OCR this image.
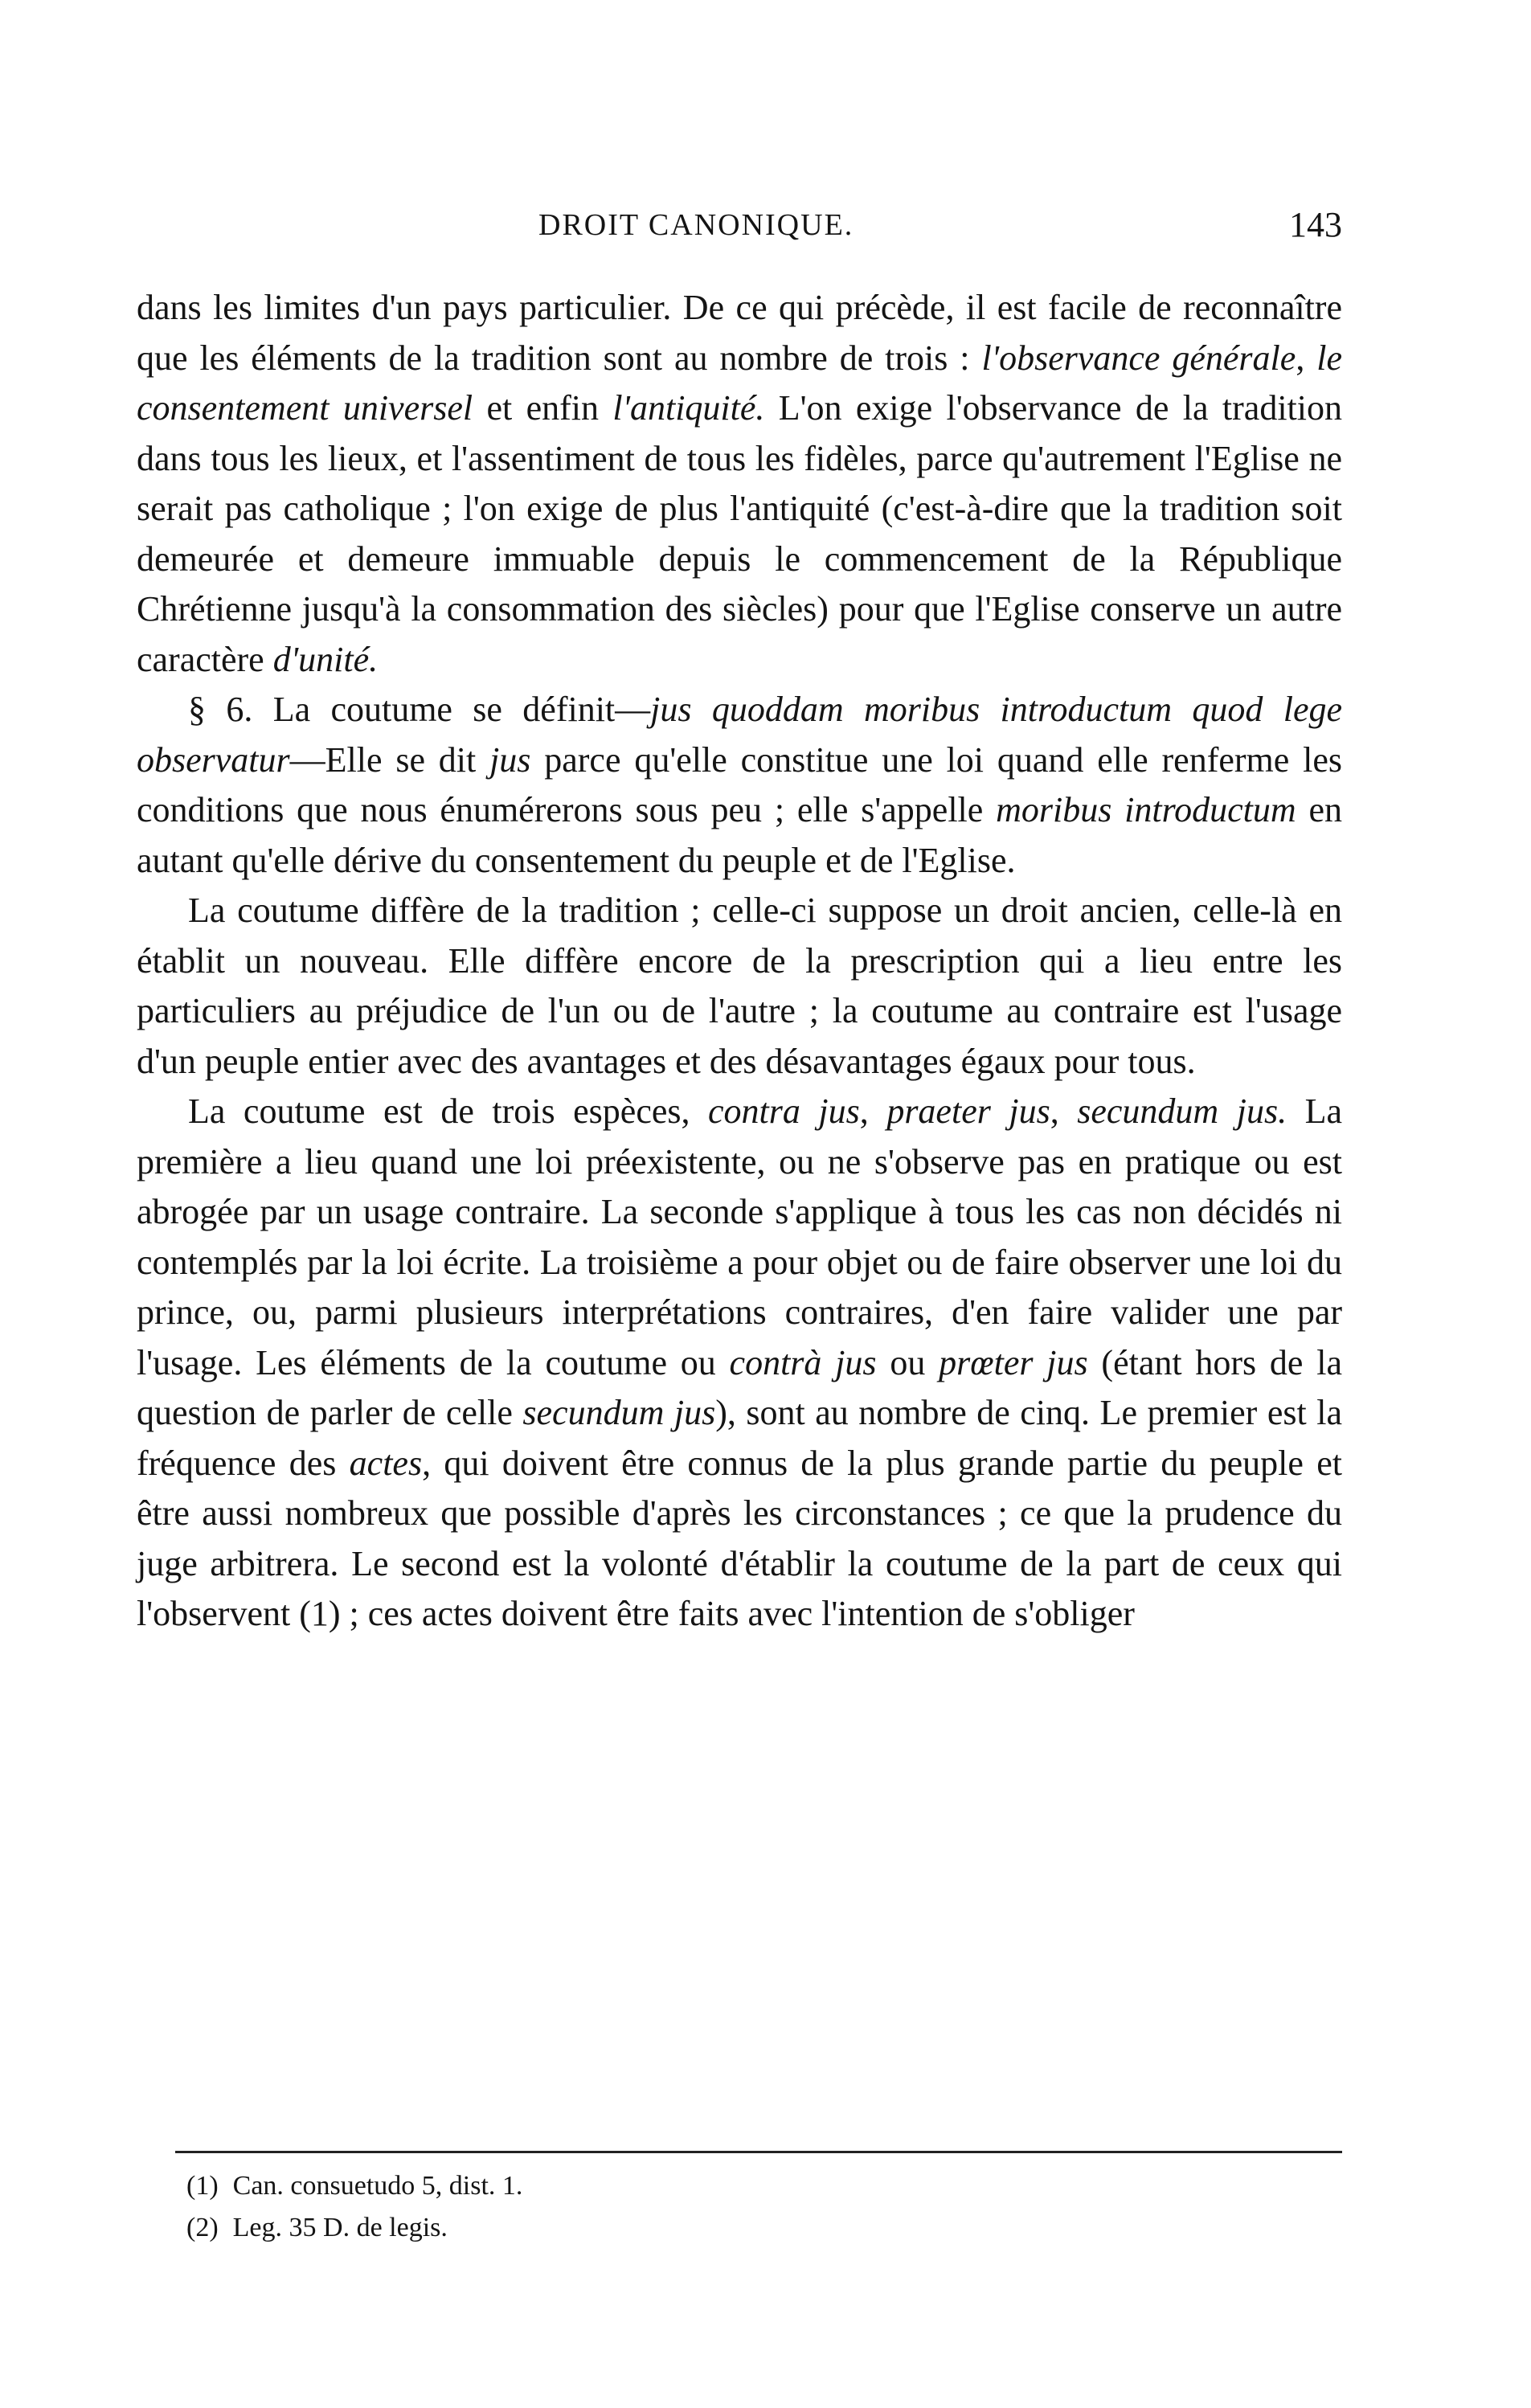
DROIT CANONIQUE.	143

dans les limites d'un pays particulier. De ce qui précède, il est facile de reconnaître que les éléments de la tradition sont au nombre de trois : l'observance générale, le consentement universel et enfin l'antiquité. L'on exige l'observance de la tradition dans tous les lieux, et l'assentiment de tous les fidèles, parce qu'autrement l'Eglise ne serait pas catholique ; l'on exige de plus l'antiquité (c'est-à-dire que la tradition soit demeurée et demeure immuable depuis le commencement de la République Chrétienne jusqu'à la consommation des siècles) pour que l'Eglise conserve un autre caractère d'unité.

§ 6. La coutume se définit—jus quoddam moribus introductum quod lege observatur—Elle se dit jus parce qu'elle constitue une loi quand elle renferme les conditions que nous énumérerons sous peu ; elle s'appelle moribus introductum en autant qu'elle dérive du consentement du peuple et de l'Eglise.

La coutume diffère de la tradition ; celle-ci suppose un droit ancien, celle-là en établit un nouveau. Elle diffère encore de la prescription qui a lieu entre les particuliers au préjudice de l'un ou de l'autre ; la coutume au contraire est l'usage d'un peuple entier avec des avantages et des désavantages égaux pour tous.

La coutume est de trois espèces, contra jus, praeter jus, secundum jus. La première a lieu quand une loi préexistente, ou ne s'observe pas en pratique ou est abrogée par un usage contraire. La seconde s'applique à tous les cas non décidés ni contemplés par la loi écrite. La troisième a pour objet ou de faire observer une loi du prince, ou, parmi plusieurs interprétations contraires, d'en faire valider une par l'usage. Les éléments de la coutume ou contrà jus ou prœter jus (étant hors de la question de parler de celle secundum jus), sont au nombre de cinq. Le premier est la fréquence des actes, qui doivent être connus de la plus grande partie du peuple et être aussi nombreux que possible d'après les circonstances ; ce que la prudence du juge arbitrera. Le second est la volonté d'établir la coutume de la part de ceux qui l'observent (1) ; ces actes doivent être faits avec l'intention de s'obliger

(1) Can. consuetudo 5, dist. 1.

(2) Leg. 35 D. de legis.
